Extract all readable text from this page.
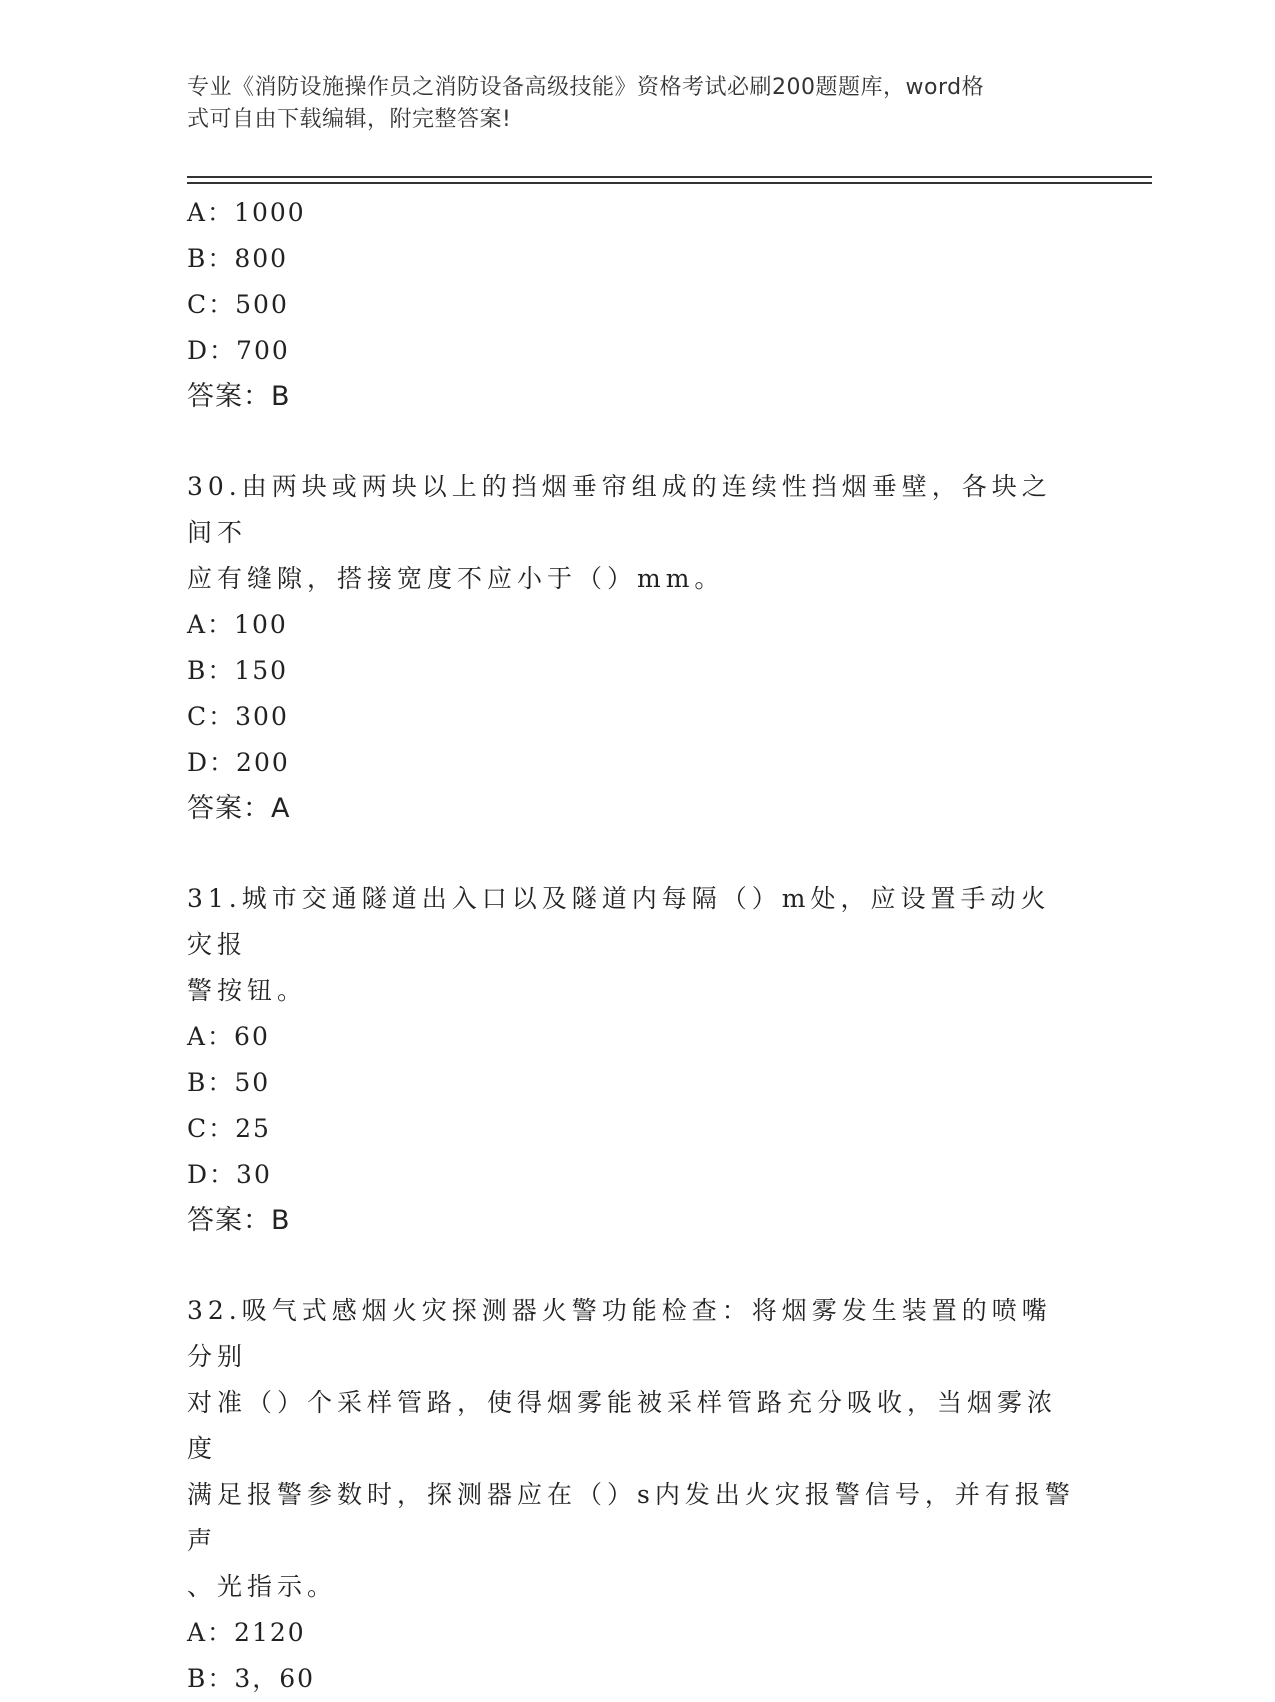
专业《消防设施操作员之消防设备高级技能》资格考试必刷200题题库，word格
式可自由下载编辑，附完整答案!
A：1000
B：800
C：500
D：700
答案：B
30.由两块或两块以上的挡烟垂帘组成的连续性挡烟垂壁，各块之间不
应有缝隙，搭接宽度不应小于（）mm。
A：100
B：150
C：300
D：200
答案：A
31.城市交通隧道出入口以及隧道内每隔（）m处，应设置手动火灾报
警按钮。
A：60
B：50
C：25
D：30
答案：B
32.吸气式感烟火灾探测器火警功能检查：将烟雾发生装置的喷嘴分别
对准（）个采样管路，使得烟雾能被采样管路充分吸收，当烟雾浓度
满足报警参数时，探测器应在（）s内发出火灾报警信号，并有报警声
、光指示。
A：2120
B：3，60
